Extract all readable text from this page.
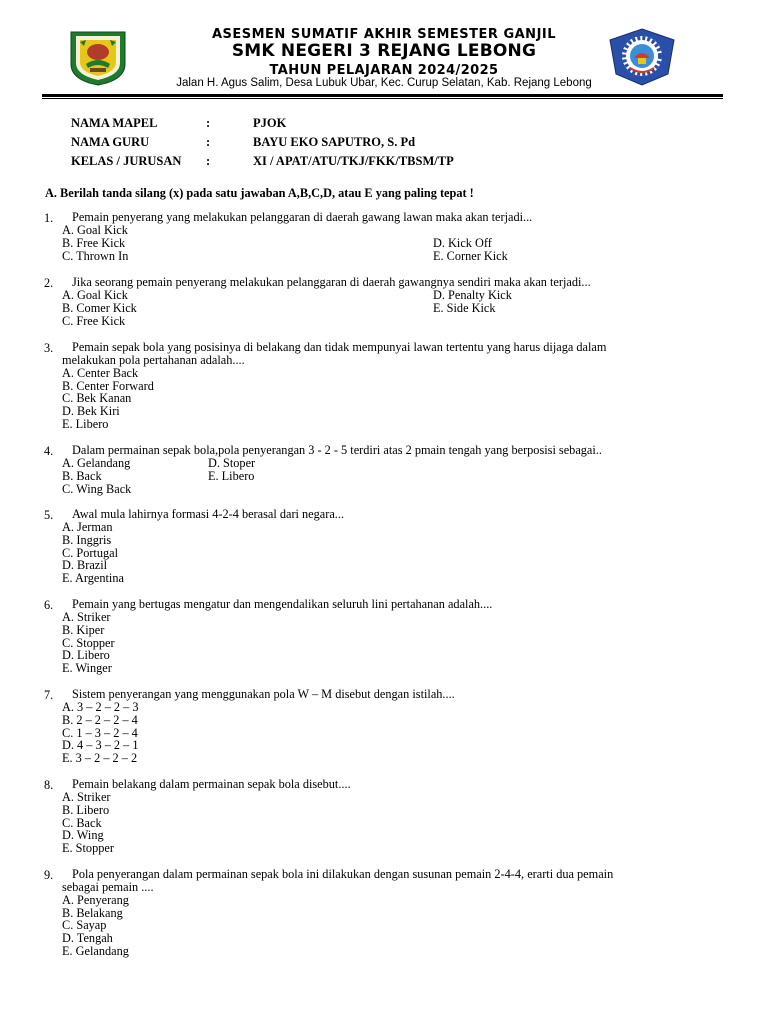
ASESMEN SUMATIF AKHIR SEMESTER GANJIL
SMK NEGERI 3 REJANG LEBONG
TAHUN PELAJARAN 2024/2025
Jalan H. Agus Salim, Desa Lubuk Ubar, Kec. Curup Selatan, Kab. Rejang Lebong
NAMA MAPEL	:	PJOK
NAMA GURU	:	BAYU EKO SAPUTRO, S. Pd
KELAS / JURUSAN :	XI / APAT/ATU/TKJ/FKK/TBSM/TP
A. Berilah tanda silang (x) pada satu jawaban A,B,C,D, atau E yang paling tepat !
1. Pemain penyerang yang melakukan pelanggaran di daerah gawang lawan maka akan terjadi...
A. Goal Kick
B. Free Kick
C. Thrown In
D. Kick Off
E. Corner Kick
2. Jika seorang pemain penyerang melakukan pelanggaran di daerah gawangnya sendiri maka akan terjadi...
A. Goal Kick
B. Comer Kick
C. Free Kick
D. Penalty Kick
E. Side Kick
3. Pemain sepak bola yang posisinya di belakang dan tidak mempunyai lawan tertentu yang harus dijaga dalam
melakukan pola pertahanan adalah....
A. Center Back
B. Center Forward
C. Bek Kanan
D. Bek Kiri
E. Libero
4. Dalam permainan sepak bola,pola penyerangan 3 - 2 - 5 terdiri atas 2 pmain tengah yang berposisi sebagai..
A. Gelandang
B. Back
C. Wing Back
D. Stoper
E. Libero
5. Awal mula lahirnya formasi 4-2-4 berasal dari negara...
A. Jerman
B. Inggris
C. Portugal
D. Brazil
E. Argentina
6. Pemain yang bertugas mengatur dan mengendalikan seluruh lini pertahanan adalah....
A. Striker
B. Kiper
C. Stopper
D. Libero
E. Winger
7. Sistem penyerangan yang menggunakan pola W – M disebut dengan istilah....
A. 3 – 2 – 2 – 3
B. 2 – 2 – 2 – 4
C. 1 – 3 – 2 – 4
D. 4 – 3 – 2 – 1
E. 3 – 2 – 2 – 2
8. Pemain belakang dalam permainan sepak bola disebut....
A. Striker
B. Libero
C. Back
D. Wing
E. Stopper
9. Pola penyerangan dalam permainan sepak bola ini dilakukan dengan susunan pemain 2-4-4, erarti dua pemain
sebagai pemain ....
A. Penyerang
B. Belakang
C. Sayap
D. Tengah
E. Gelandang
